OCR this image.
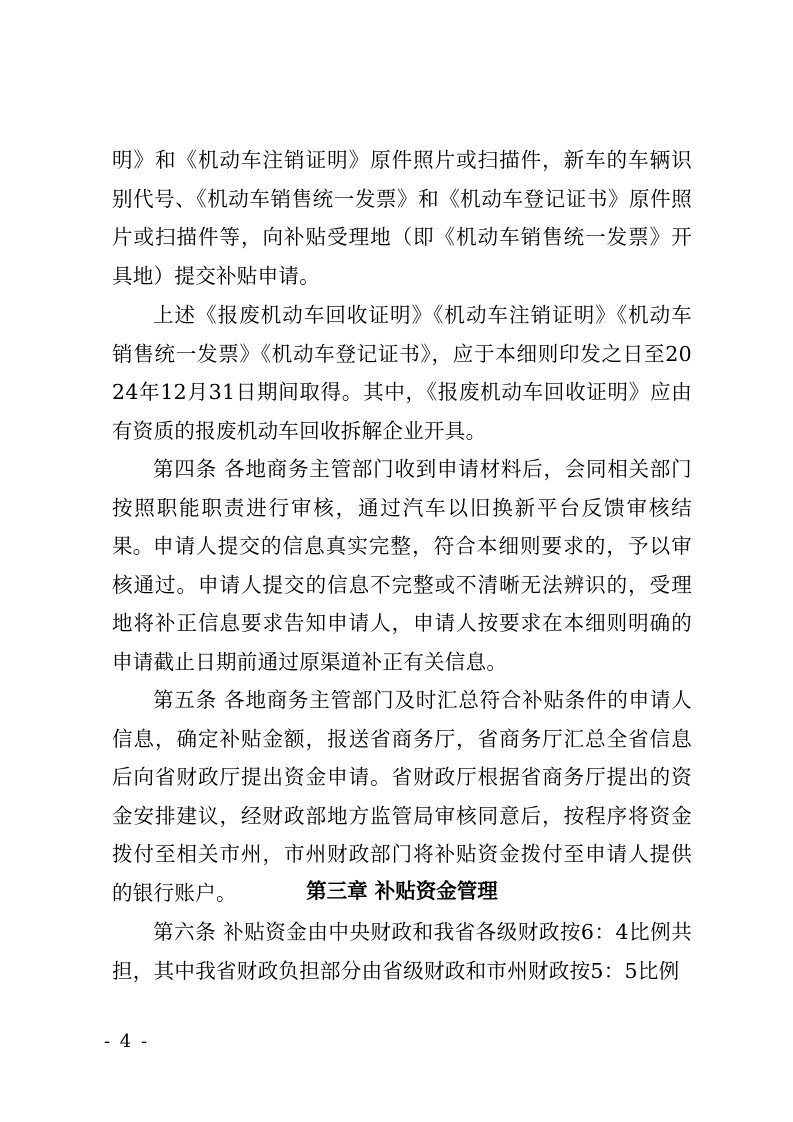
明》和《机动车注销证明》原件照片或扫描件，新车的车辆识别代号、《机动车销售统一发票》和《机动车登记证书》原件照片或扫描件等，向补贴受理地（即《机动车销售统一发票》开具地）提交补贴申请。

上述《报废机动车回收证明》《机动车注销证明》《机动车销售统一发票》《机动车登记证书》，应于本细则印发之日至2024年12月31日期间取得。其中，《报废机动车回收证明》应由有资质的报废机动车回收拆解企业开具。

第四条 各地商务主管部门收到申请材料后，会同相关部门按照职能职责进行审核，通过汽车以旧换新平台反馈审核结果。 申请人提交的信息真实完整，符合本细则要求的，予以审核通过。申请人提交的信息不完整或不清晰无法辨识的，受理地将补正信息要求告知申请人，申请人按要求在本细则明确的申请截止日期前通过原渠道补正有关信息。

第五条 各地商务主管部门及时汇总符合补贴条件的申请人信息，确定补贴金额，报送省商务厅，省商务厅汇总全省信息后向省财政厅提出资金申请。省财政厅根据省商务厅提出的资金安排建议，经财政部地方监管局审核同意后，按程序将资金拨付至相关市州，市州财政部门将补贴资金拨付至申请人提供的银行账户。	第三章 补贴资金管理

第六条 补贴资金由中央财政和我省各级财政按6：4比例共担，其中我省财政负担部分由省级财政和市州财政按5：5比例

- 4 -
